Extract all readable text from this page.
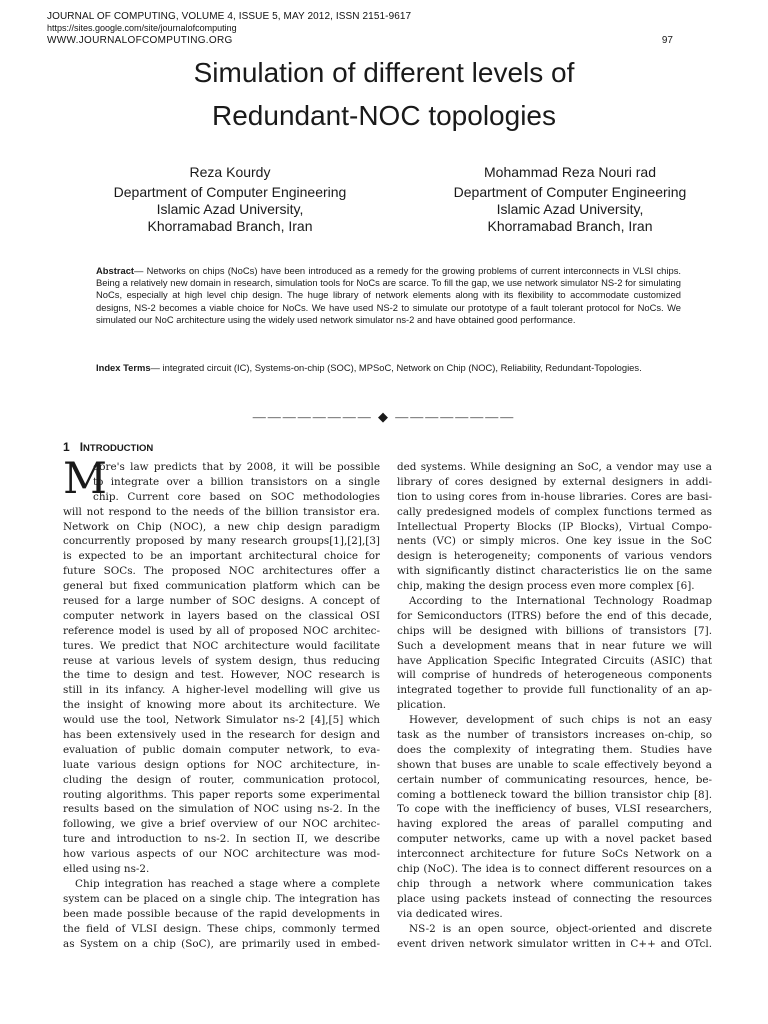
JOURNAL OF COMPUTING, VOLUME 4, ISSUE 5, MAY 2012, ISSN 2151-9617
https://sites.google.com/site/journalofcomputing
WWW.JOURNALOFCOMPUTING.ORG	97
Simulation of different levels of
Redundant-NOC topologies
Reza Kourdy
Department of Computer Engineering
Islamic Azad University,
Khorramabad Branch, Iran
Mohammad Reza Nouri rad
Department of Computer Engineering
Islamic Azad University,
Khorramabad Branch, Iran
Abstract— Networks on chips (NoCs) have been introduced as a remedy for the growing problems of current interconnects in VLSI chips. Being a relatively new domain in research, simulation tools for NoCs are scarce. To fill the gap, we use network simulator NS-2 for simulating NoCs, especially at high level chip design. The huge library of network elements along with its flexibility to accommodate customized designs, NS-2 becomes a viable choice for NoCs. We have used NS-2 to simulate our prototype of a fault tolerant protocol for NoCs. We simulated our NoC architecture using the widely used network simulator ns-2 and have obtained good performance.
Index Terms— integrated circuit (IC), Systems-on-chip (SOC), MPSoC, Network on Chip (NOC), Reliability, Redundant-Topologies.
———————— ◆ ————————
1 INTRODUCTION
M
oore's law predicts that by 2008, it will be possible
to integrate over a billion transistors on a single
chip. Current core based on SOC methodologies
will not respond to the needs of the billion transistor era.
Network on Chip (NOC), a new chip design paradigm
concurrently proposed by many research groups[1],[2],[3]
is expected to be an important architectural choice for
future SOCs. The proposed NOC architectures offer a
general but fixed communication platform which can be
reused for a large number of SOC designs. A concept of
computer network in layers based on the classical OSI
reference model is used by all of proposed NOC architec-
tures. We predict that NOC architecture would facilitate
reuse at various levels of system design, thus reducing
the time to design and test. However, NOC research is
still in its infancy. A higher-level modelling will give us
the insight of knowing more about its architecture. We
would use the tool, Network Simulator ns-2 [4],[5] which
has been extensively used in the research for design and
evaluation of public domain computer network, to eva-
luate various design options for NOC architecture, in-
cluding the design of router, communication protocol,
routing algorithms. This paper reports some experimental
results based on the simulation of NOC using ns-2. In the
following, we give a brief overview of our NOC architec-
ture and introduction to ns-2. In section II, we describe
how various aspects of our NOC architecture was mod-
elled using ns-2.
Chip integration has reached a stage where a complete
system can be placed on a single chip. The integration has
been made possible because of the rapid developments in
the field of VLSI design. These chips, commonly termed
as System on a chip (SoC), are primarily used in embed-
ded systems. While designing an SoC, a vendor may use a
library of cores designed by external designers in addi-
tion to using cores from in-house libraries. Cores are basi-
cally predesigned models of complex functions termed as
Intellectual Property Blocks (IP Blocks), Virtual Compo-
nents (VC) or simply micros. One key issue in the SoC
design is heterogeneity; components of various vendors
with significantly distinct characteristics lie on the same
chip, making the design process even more complex [6].
According to the International Technology Roadmap
for Semiconductors (ITRS) before the end of this decade,
chips will be designed with billions of transistors [7].
Such a development means that in near future we will
have Application Specific Integrated Circuits (ASIC) that
will comprise of hundreds of heterogeneous components
integrated together to provide full functionality of an ap-
plication.
However, development of such chips is not an easy
task as the number of transistors increases on-chip, so
does the complexity of integrating them. Studies have
shown that buses are unable to scale effectively beyond a
certain number of communicating resources, hence, be-
coming a bottleneck toward the billion transistor chip [8].
To cope with the inefficiency of buses, VLSI researchers,
having explored the areas of parallel computing and
computer networks, came up with a novel packet based
interconnect architecture for future SoCs Network on a
chip (NoC). The idea is to connect different resources on a
chip through a network where communication takes
place using packets instead of connecting the resources
via dedicated wires.
NS-2 is an open source, object-oriented and discrete
event driven network simulator written in C++ and OTcl.
